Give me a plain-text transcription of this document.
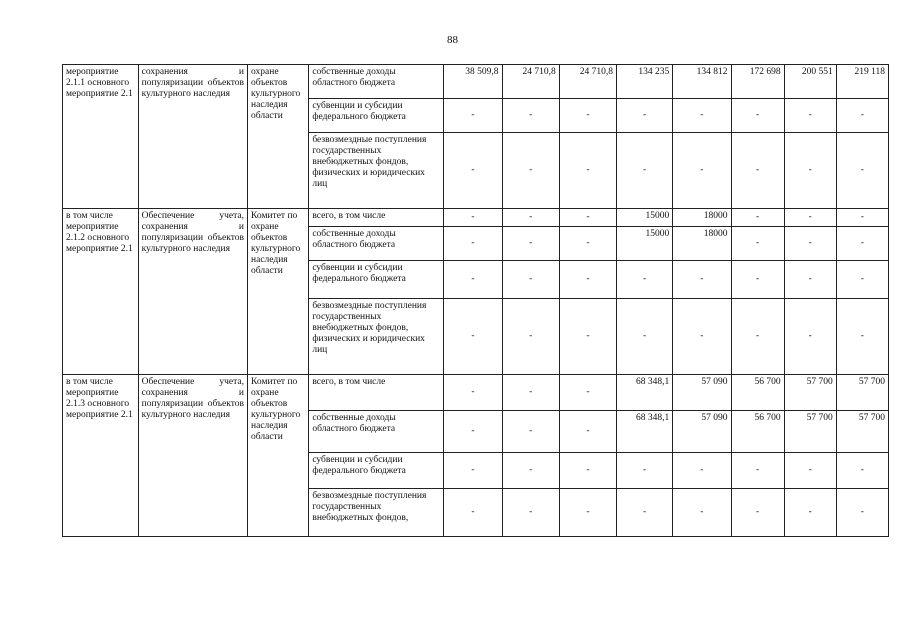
88
мероприятие 2.1.1 основного мероприятие 2.1	сохранения и популяризации объектов культурного наследия	охране объектов культурного наследия области	собственные доходы областного бюджета	38 509,8	24 710,8	24 710,8	134 235	134 812	172 698	200 551	219 118
			субвенции и субсидии федерального бюджета	-	-	-	-	-	-	-	-
			безвозмездные поступления государственных внебюджетных фондов, физических и юридических лиц	-	-	-	-	-	-	-	-
в том числе мероприятие 2.1.2 основного мероприятие 2.1	Обеспечение учета, сохранения и популяризации объектов культурного наследия	Комитет по охране объектов культурного наследия области	всего, в том числе	-	-	-	15000	18000	-	-	-
			собственные доходы областного бюджета	-	-	-	15000	18000	-	-	-
			субвенции и субсидии федерального бюджета	-	-	-	-	-	-	-	-
			безвозмездные поступления государственных внебюджетных фондов, физических и юридических лиц	-	-	-	-	-	-	-	-
в том числе мероприятие 2.1.3 основного мероприятие 2.1	Обеспечение учета, сохранения и популяризации объектов культурного наследия	Комитет по охране объектов культурного наследия области	всего, в том числе	-	-	-	68 348,1	57 090	56 700	57 700	57 700
			собственные доходы областного бюджета	-	-	-	68 348,1	57 090	56 700	57 700	57 700
			субвенции и субсидии федерального бюджета	-	-	-	-	-	-	-	-
			безвозмездные поступления государственных внебюджетных фондов,	-	-	-	-	-	-	-	-
